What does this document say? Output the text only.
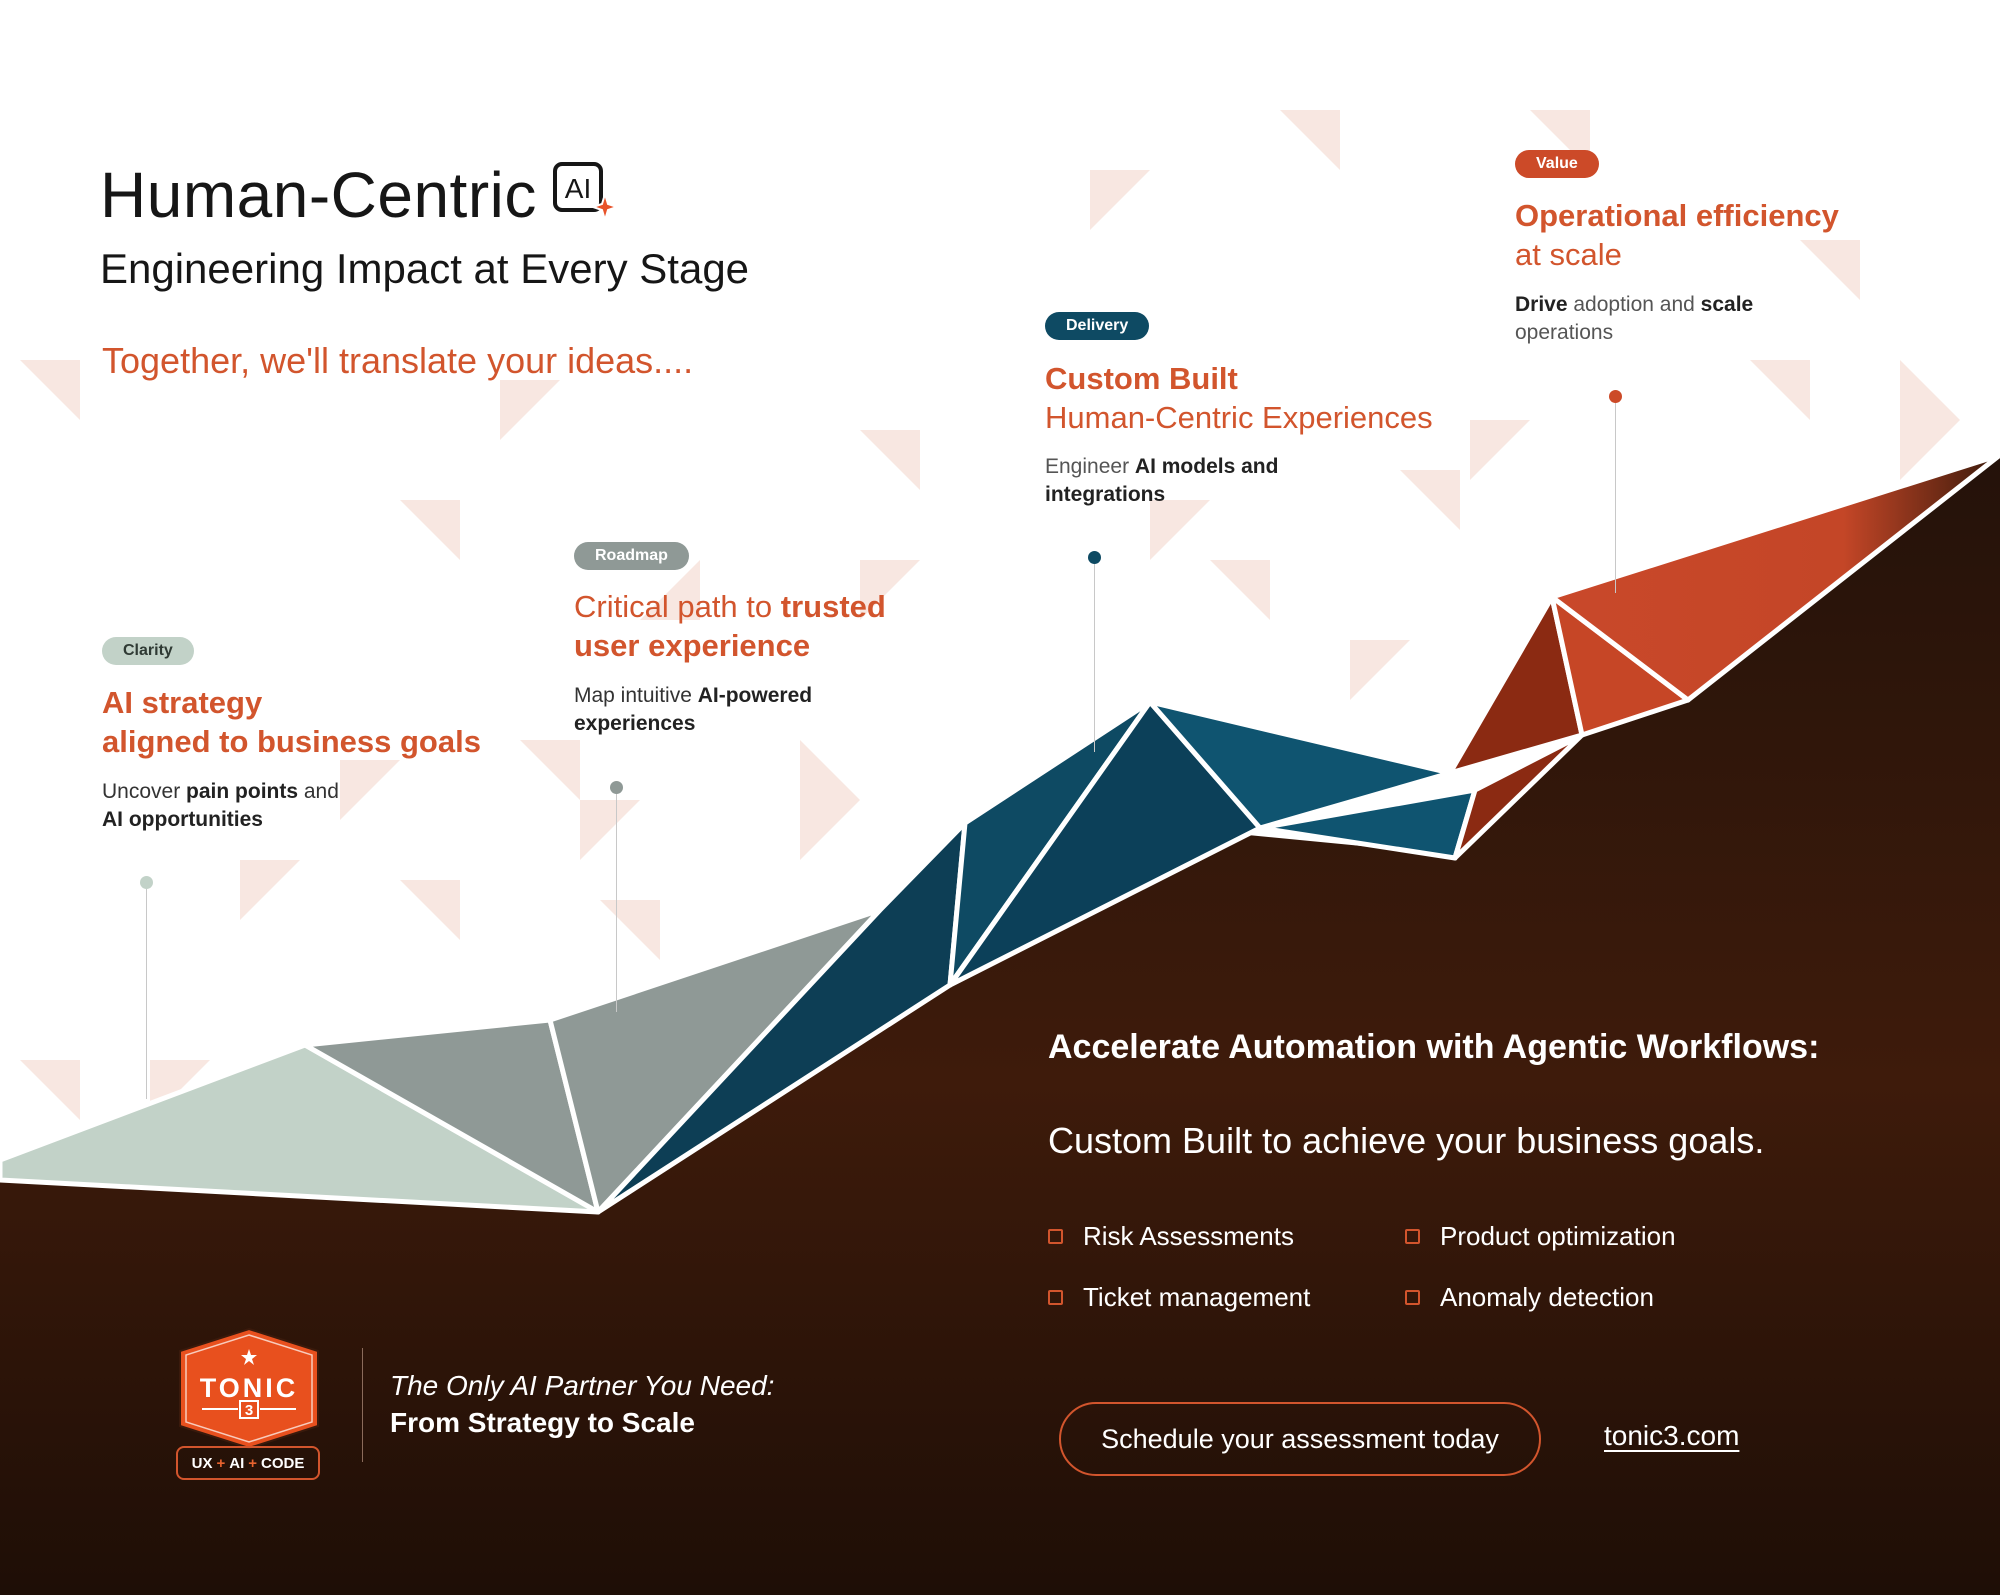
Human-Centric AI
Engineering Impact at Every Stage
Together, we'll translate your ideas....
Clarity
AI strategy
aligned to business goals
Uncover pain points and
AI opportunities
Roadmap
Critical path to trusted
user experience
Map intuitive AI-powered
experiences
Delivery
Custom Built
Human-Centric Experiences
Engineer AI models and
integrations
Value
Operational efficiency
at scale
Drive adoption and scale
operations
Accelerate Automation with Agentic Workflows:
Custom Built to achieve your business goals.
Risk Assessments	Product optimization
Ticket management	Anomaly detection
Schedule your assessment today	tonic3.com
TONIC
3
UX + AI + CODE
The Only AI Partner You Need:
From Strategy to Scale
